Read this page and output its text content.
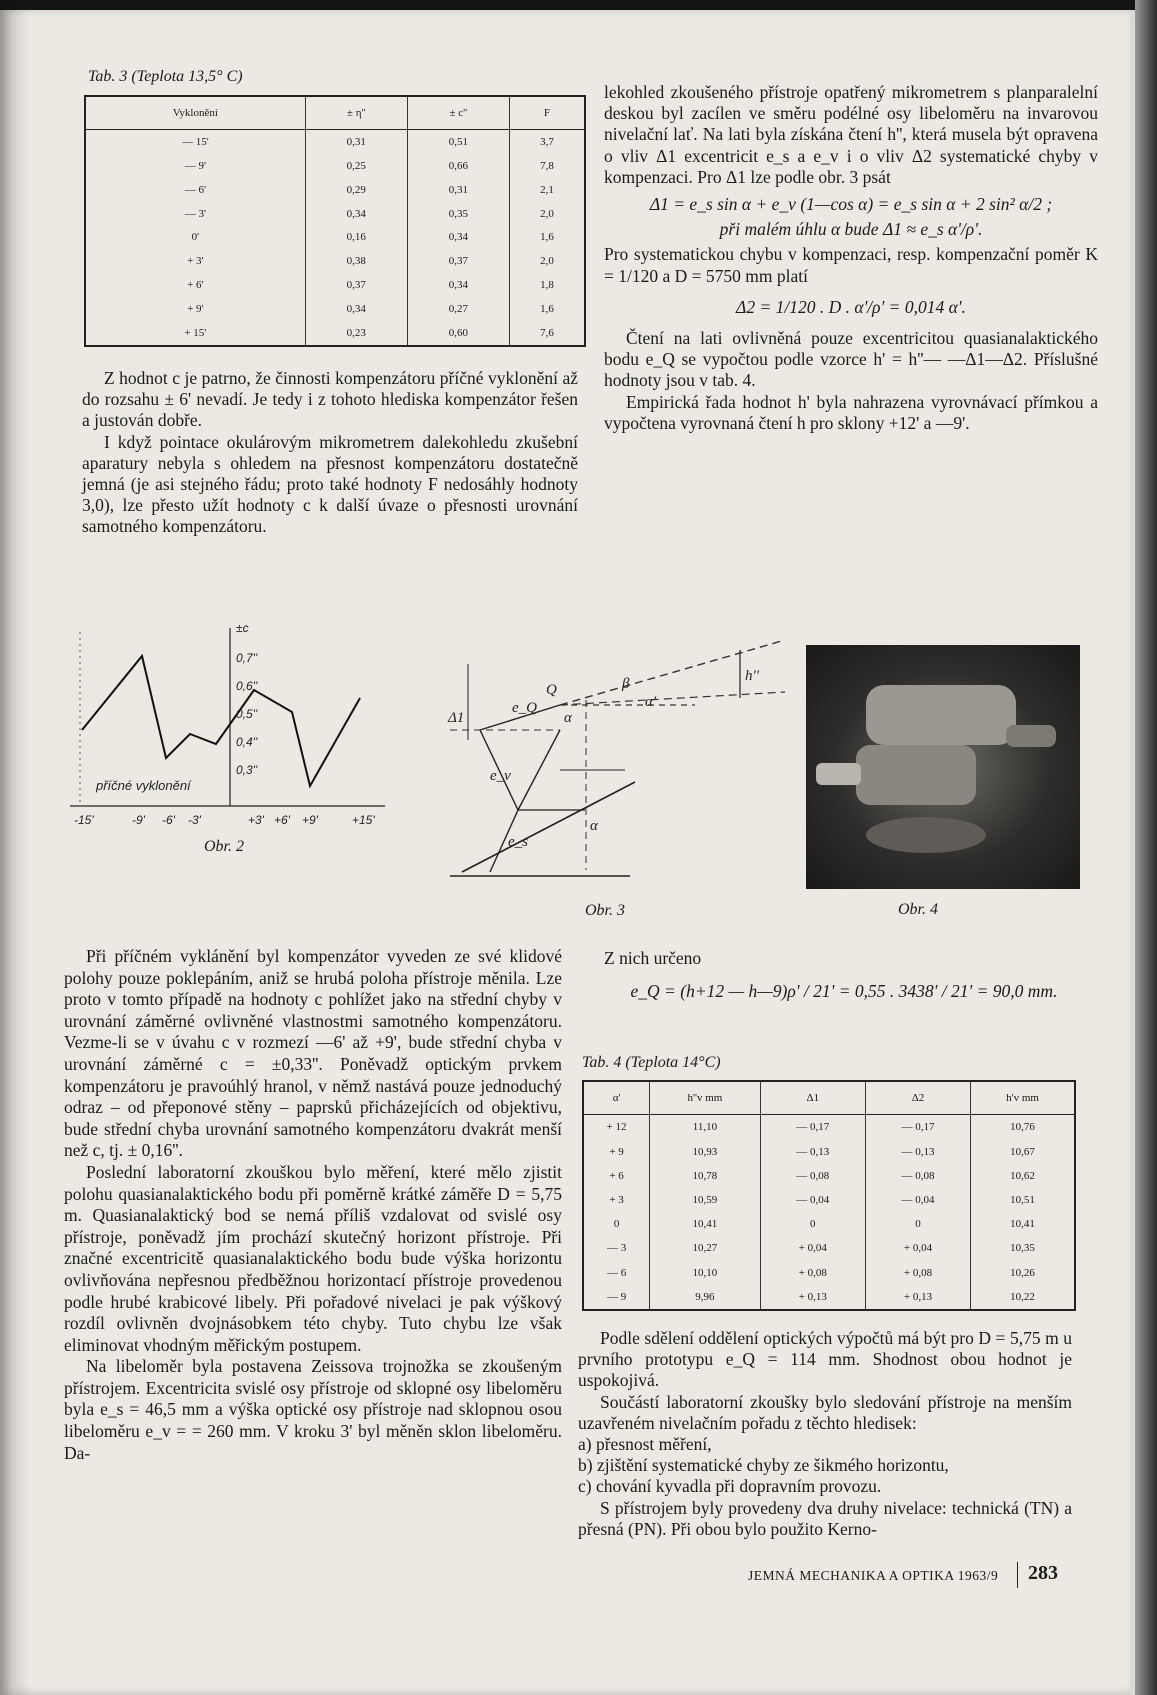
Tab. 3 (Teplota 13,5° C)
Vyklonění	± η''	± c''	F
— 15'	0,31	0,51	3,7
— 9'	0,25	0,66	7,8
— 6'	0,29	0,31	2,1
— 3'	0,34	0,35	2,0
0'	0,16	0,34	1,6
+ 3'	0,38	0,37	2,0
+ 6'	0,37	0,34	1,8
+ 9'	0,34	0,27	1,6
+ 15'	0,23	0,60	7,6

Z hodnot c je patrno, že činnosti kompenzátoru příčné vyklonění až do rozsahu ± 6' nevadí. Je tedy i z tohoto hlediska kompenzátor řešen a justován dobře.

I když pointace okulárovým mikrometrem dalekohledu zkušební aparatury nebyla s ohledem na přesnost kompenzátoru dostatečně jemná (je asi stejného řádu; proto také hodnoty F nedosáhly hodnoty 3,0), lze přesto užít hodnoty c k další úvaze o přesnosti urovnání samotného kompenzátoru.

±c
0,7''
0,6''
0,5''
0,4''
0,3''
příčné vyklonění
-15'	-9' -6' -3'	+3' +6' +9'	+15'
Obr. 2
Q	β	h''
α'
e_Q
α
Δ1
e_v
e_s
α
Obr. 3	Obr. 4

Při příčném vyklánění byl kompenzátor vyveden ze své klidové polohy pouze poklepáním, aniž se hrubá poloha přístroje měnila. Lze proto v tomto případě na hodnoty c pohlížet jako na střední chyby v urovnání záměrné ovlivněné vlastnostmi samotného kompenzátoru. Vezme-li se v úvahu c v rozmezí —6' až +9', bude střední chyba v urovnání záměrné c = ±0,33''. Poněvadž optickým prvkem kompenzátoru je pravoúhlý hranol, v němž nastává pouze jednoduchý odraz – od přeponové stěny – paprsků přicházejících od objektivu, bude střední chyba urovnání samotného kompenzátoru dvakrát menší než c, tj. ± 0,16''.

Poslední laboratorní zkouškou bylo měření, které mělo zjistit polohu quasianalaktického bodu při poměrně krátké záměře D = 5,75 m. Quasianalaktický bod se nemá příliš vzdalovat od svislé osy přístroje, poněvadž jím prochází skutečný horizont přístroje. Při značné excentricitě quasianalaktického bodu bude výška horizontu ovlivňována nepřesnou předběžnou horizontací přístroje provedenou podle hrubé krabicové libely. Při pořadové nivelaci je pak výškový rozdíl ovlivněn dvojnásobkem této chyby. Tuto chybu lze však eliminovat vhodným měřickým postupem.

Na libeloměr byla postavena Zeissova trojnožka se zkoušeným přístrojem. Excentricita svislé osy přístroje od sklopné osy libeloměru byla e_s = 46,5 mm a výška optické osy přístroje nad sklopnou osou libeloměru e_v = = 260 mm. V kroku 3' byl měněn sklon libeloměru. Da-

lekohled zkoušeného přístroje opatřený mikrometrem s planparalelní deskou byl zacílen ve směru podélné osy libeloměru na invarovou nivelační lať. Na lati byla získána čtení h'', která musela být opravena o vliv Δ1 excentricit e_s a e_v i o vliv Δ2 systematické chyby v kompenzaci. Pro Δ1 lze podle obr. 3 psát

Δ1 = e_s sin α + e_v (1—cos α) = e_s sin α + 2 sin² α/2 ;

při malém úhlu α bude Δ1 ≈ e_s α'/ρ'.

Pro systematickou chybu v kompenzaci, resp. kompenzační poměr K = 1/120 a D = 5750 mm platí

Δ2 = 1/120 . D . α'/ρ' = 0,014 α'.

Čtení na lati ovlivněná pouze excentricitou quasianalaktického bodu e_Q se vypočtou podle vzorce h' = h''— —Δ1—Δ2. Příslušné hodnoty jsou v tab. 4.

Empirická řada hodnot h' byla nahrazena vyrovnávací přímkou a vypočtena vyrovnaná čtení h pro sklony +12' a —9'.

Z nich určeno

e_Q = (h+12 — h—9)ρ' / 21' = 0,55 . 3438' / 21' = 90,0 mm.

Tab. 4 (Teplota 14°C)
α'	h''v mm	Δ1	Δ2	h'v mm
+ 12	11,10	— 0,17	— 0,17	10,76
+ 9	10,93	— 0,13	— 0,13	10,67
+ 6	10,78	— 0,08	— 0,08	10,62
+ 3	10,59	— 0,04	— 0,04	10,51
0	10,41	0	0	10,41
— 3	10,27	+ 0,04	+ 0,04	10,35
— 6	10,10	+ 0,08	+ 0,08	10,26
— 9	9,96	+ 0,13	+ 0,13	10,22

Podle sdělení oddělení optických výpočtů má být pro D = 5,75 m u prvního prototypu e_Q = 114 mm. Shodnost obou hodnot je uspokojivá.

Součástí laboratorní zkoušky bylo sledování přístroje na menším uzavřeném nivelačním pořadu z těchto hledisek:

a) přesnost měření,

b) zjištění systematické chyby ze šikmého horizontu,

c) chování kyvadla při dopravním provozu.

S přístrojem byly provedeny dva druhy nivelace: technická (TN) a přesná (PN). Při obou bylo použito Kerno-

JEMNÁ MECHANIKA A OPTIKA 1963/9 283
